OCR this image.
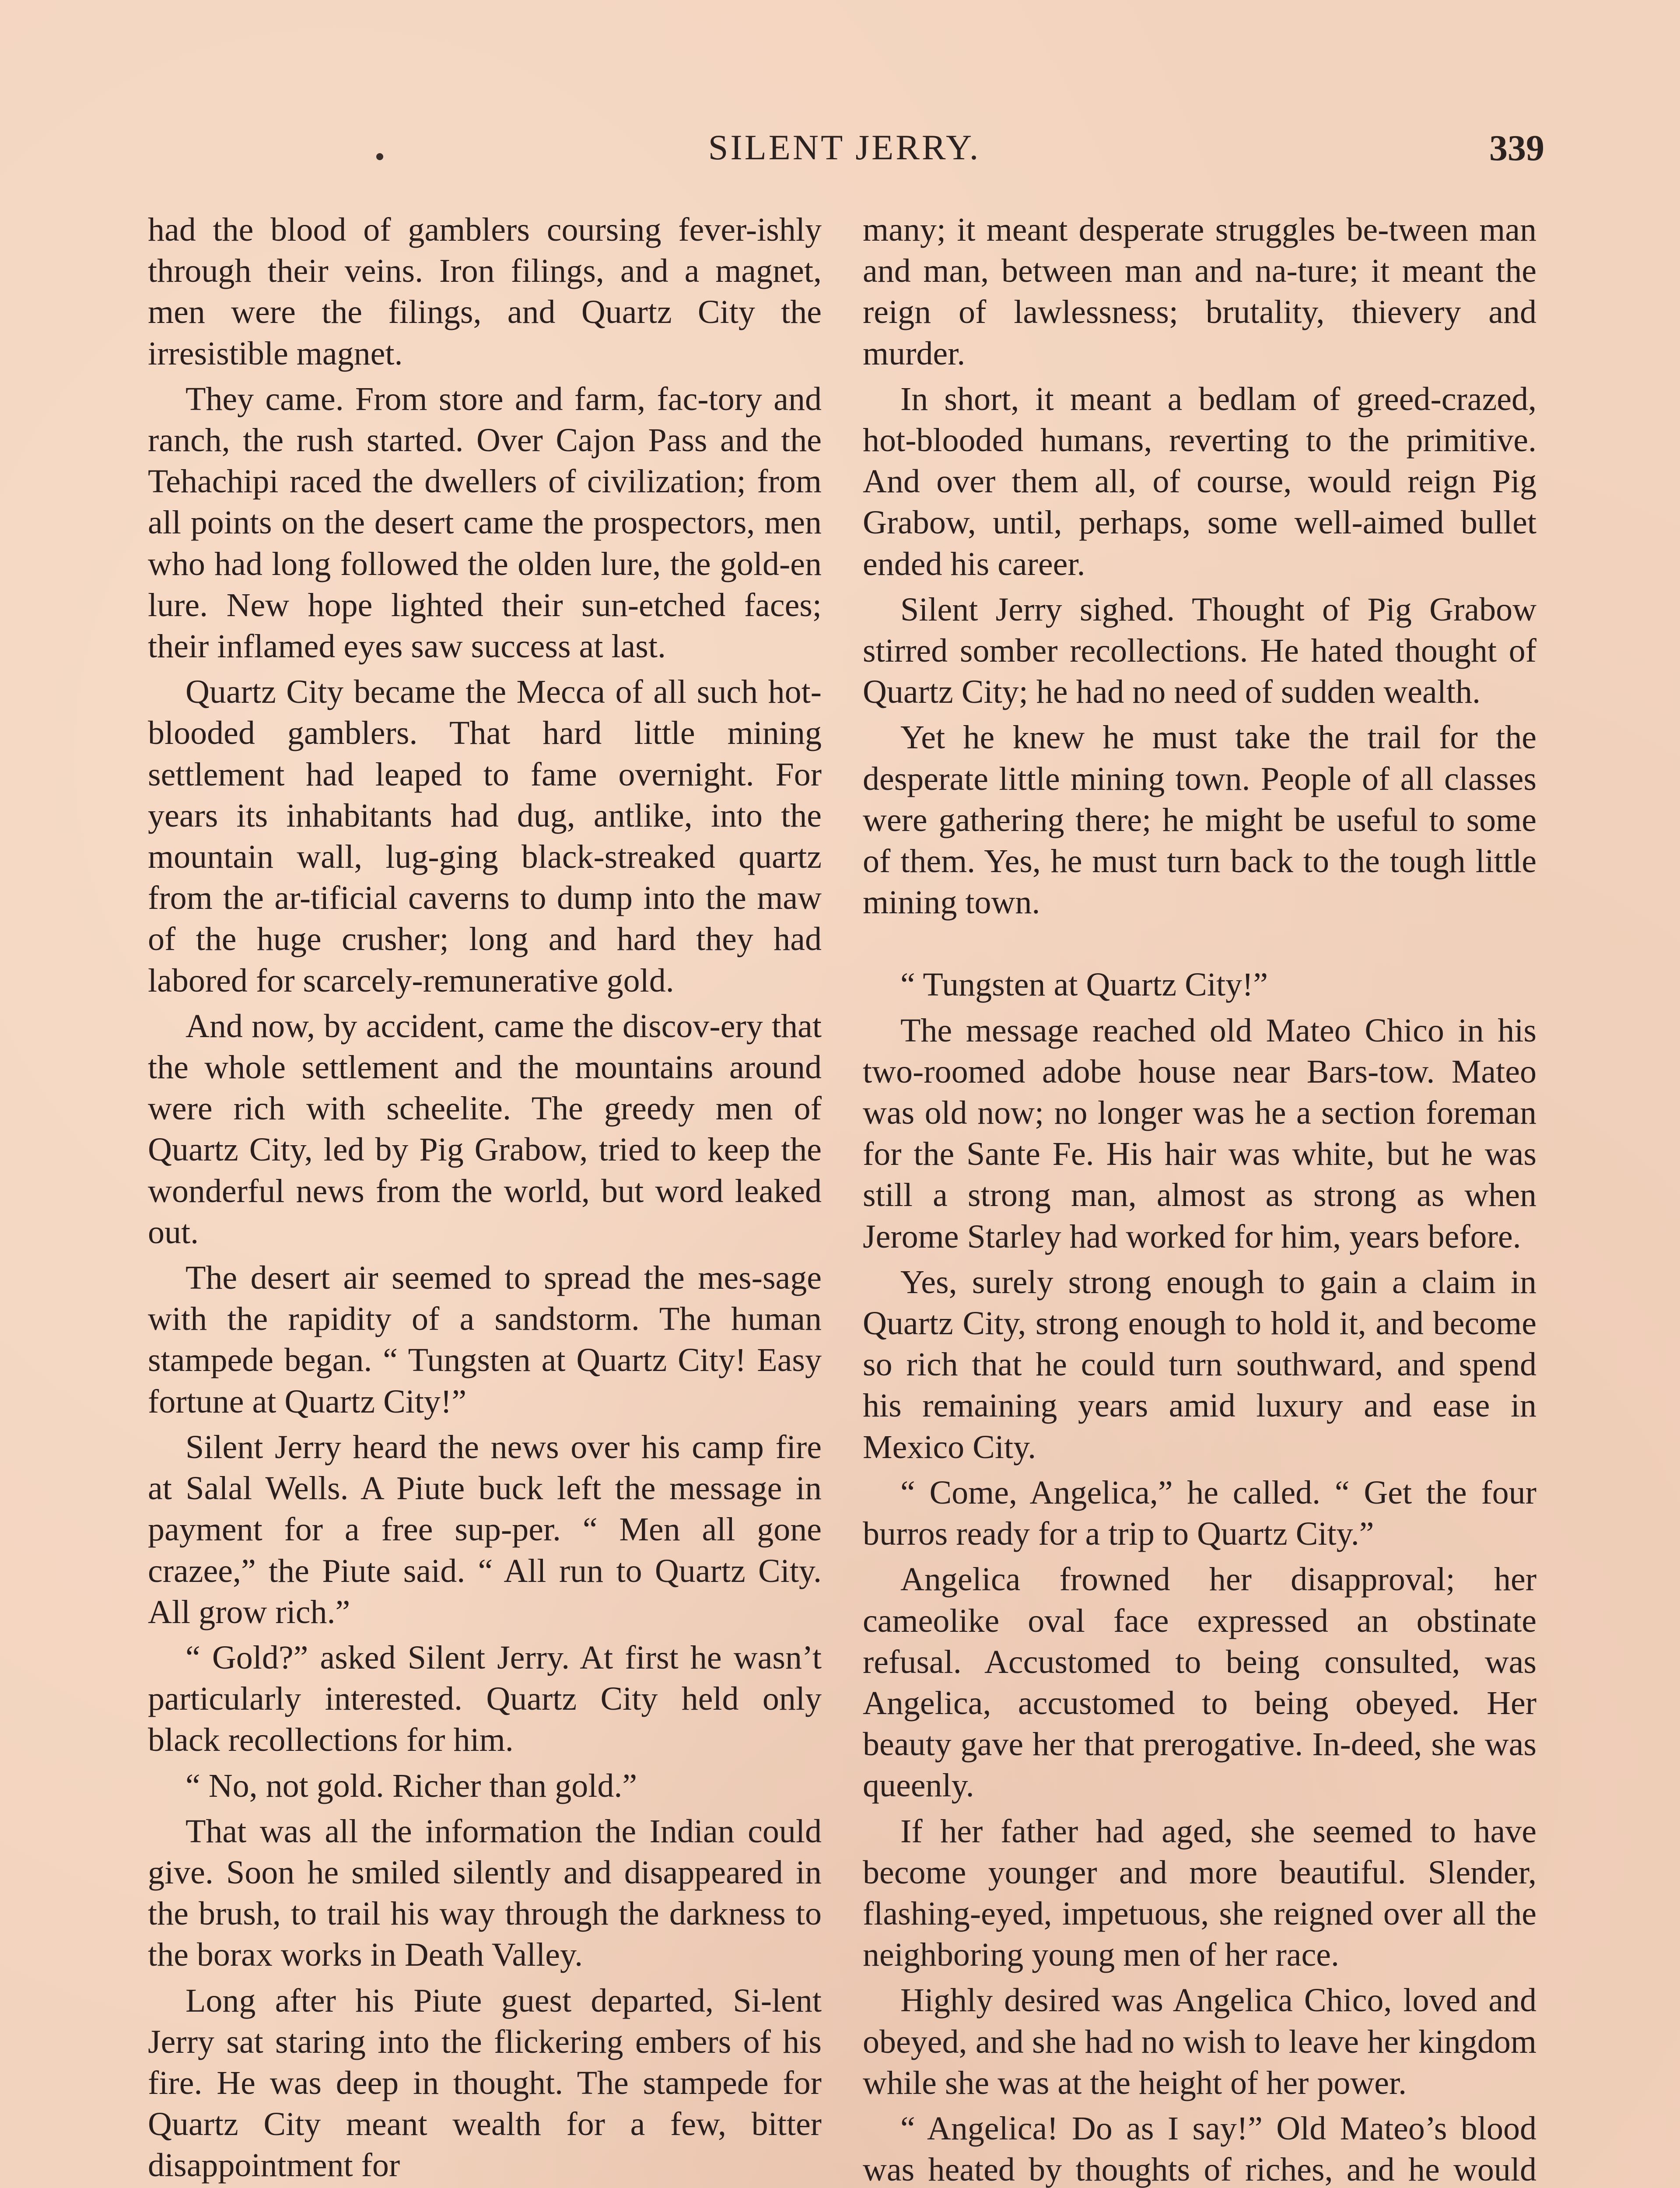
SILENT JERRY.	339

had the blood of gamblers coursing fever-ishly through their veins. Iron filings, and a magnet, men were the filings, and Quartz City the irresistible magnet.

They came. From store and farm, fac-tory and ranch, the rush started. Over Cajon Pass and the Tehachipi raced the dwellers of civilization; from all points on the desert came the prospectors, men who had long followed the olden lure, the gold-en lure. New hope lighted their sun-etched faces; their inflamed eyes saw success at last.

Quartz City became the Mecca of all such hot-blooded gamblers. That hard little mining settlement had leaped to fame overnight. For years its inhabitants had dug, antlike, into the mountain wall, lug-ging black-streaked quartz from the ar-tificial caverns to dump into the maw of the huge crusher; long and hard they had labored for scarcely-remunerative gold.

And now, by accident, came the discov-ery that the whole settlement and the mountains around were rich with scheelite. The greedy men of Quartz City, led by Pig Grabow, tried to keep the wonderful news from the world, but word leaked out.

The desert air seemed to spread the mes-sage with the rapidity of a sandstorm. The human stampede began. “ Tungsten at Quartz City! Easy fortune at Quartz City!”

Silent Jerry heard the news over his camp fire at Salal Wells. A Piute buck left the message in payment for a free sup-per. “ Men all gone crazee,” the Piute said. “ All run to Quartz City. All grow rich.”

“ Gold?” asked Silent Jerry. At first he wasn’t particularly interested. Quartz City held only black recollections for him.

“ No, not gold. Richer than gold.”

That was all the information the Indian could give. Soon he smiled silently and disappeared in the brush, to trail his way through the darkness to the borax works in Death Valley.

Long after his Piute guest departed, Si-lent Jerry sat staring into the flickering embers of his fire. He was deep in thought. The stampede for Quartz City meant wealth for a few, bitter disappointment for

many; it meant desperate struggles be-tween man and man, between man and na-ture; it meant the reign of lawlessness; brutality, thievery and murder.

In short, it meant a bedlam of greed-crazed, hot-blooded humans, reverting to the primitive. And over them all, of course, would reign Pig Grabow, until, perhaps, some well-aimed bullet ended his career.

Silent Jerry sighed. Thought of Pig Grabow stirred somber recollections. He hated thought of Quartz City; he had no need of sudden wealth.

Yet he knew he must take the trail for the desperate little mining town. People of all classes were gathering there; he might be useful to some of them. Yes, he must turn back to the tough little mining town.

“ Tungsten at Quartz City!”

The message reached old Mateo Chico in his two-roomed adobe house near Bars-tow. Mateo was old now; no longer was he a section foreman for the Sante Fe. His hair was white, but he was still a strong man, almost as strong as when Jerome Starley had worked for him, years before.

Yes, surely strong enough to gain a claim in Quartz City, strong enough to hold it, and become so rich that he could turn southward, and spend his remaining years amid luxury and ease in Mexico City.

“ Come, Angelica,” he called. “ Get the four burros ready for a trip to Quartz City.”

Angelica frowned her disapproval; her cameolike oval face expressed an obstinate refusal. Accustomed to being consulted, was Angelica, accustomed to being obeyed. Her beauty gave her that prerogative. In-deed, she was queenly.

If her father had aged, she seemed to have become younger and more beautiful. Slender, flashing-eyed, impetuous, she reigned over all the neighboring young men of her race.

Highly desired was Angelica Chico, loved and obeyed, and she had no wish to leave her kingdom while she was at the height of her power.

“ Angelica! Do as I say!” Old Mateo’s blood was heated by thoughts of riches, and he would
